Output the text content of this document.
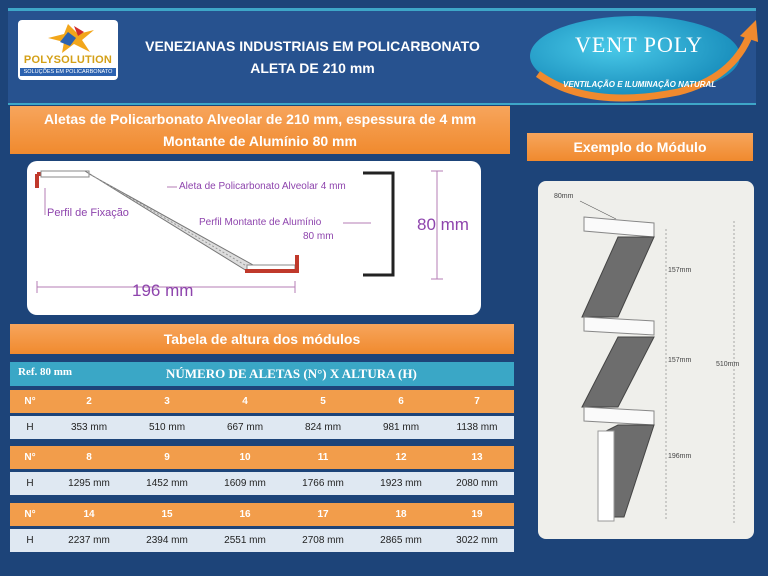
POLYSOLUTION
SOLUÇÕES EM POLICARBONATO
VENEZIANAS INDUSTRIAIS EM POLICARBONATO
ALETA DE 210 mm
VENT POLY
VENTILAÇÃO E ILUMINAÇÃO NATURAL
Aletas de Policarbonato Alveolar de 210 mm, espessura de 4 mm
Montante de Alumínio 80 mm	Exemplo do Módulo
Perfil de Fixação
Aleta de Policarbonato Alveolar 4 mm
Perfil Montante de Alumínio
80 mm
196 mm
80 mm
80mm
157mm
157mm
196mm
510mm
Tabela de altura dos módulos
Ref. 80 mm	NÚMERO DE ALETAS (N°) X ALTURA (H)
N°	2	3	4	5	6	7
H	353 mm	510 mm	667 mm	824 mm	981 mm	1138 mm
N°	8	9	10	11	12	13
H	1295 mm	1452 mm	1609 mm	1766 mm	1923 mm	2080 mm
N°	14	15	16	17	18	19
H	2237 mm	2394 mm	2551 mm	2708 mm	2865 mm	3022 mm
